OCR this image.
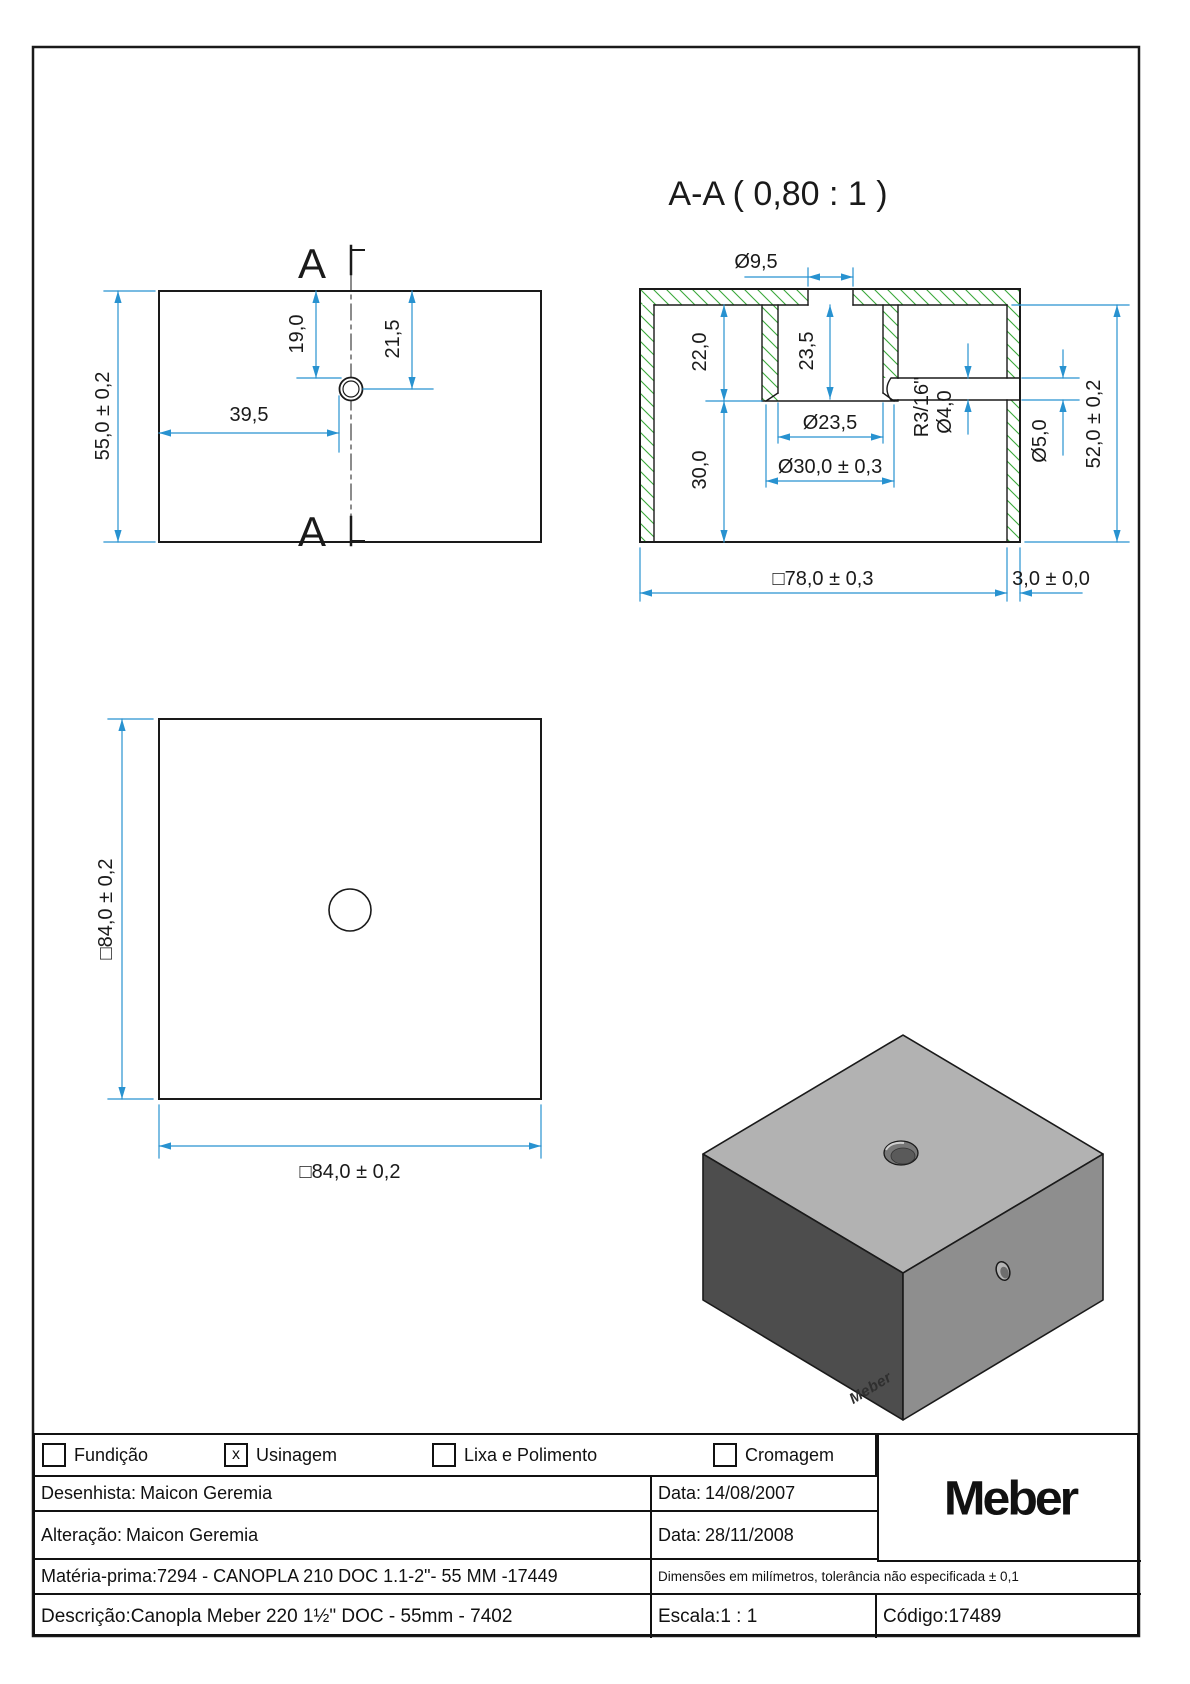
A
A
55,0 ± 0,2	39,5
19,0	21,5
A-A ( 0,80 : 1 )
Ø9,5
22,0
30,0
23,5
Ø23,5
Ø30,0 ± 0,3
R3/16" Ø4,0
Ø5,0 52,0 ± 0,2
□78,0 ± 0,3	3,0 ± 0,0
□84,0 ± 0,2
□84,0 ± 0,2
Meber
Fundição	x Usinagem	Lixa e Polimento	Cromagem
Meber
Desenhista: Maicon Geremia	Data: 14/08/2007
Alteração: Maicon Geremia	Data: 28/11/2008
Matéria-prima: 7294 - CANOPLA 210 DOC 1.1-2"- 55 MM -17449	Dimensões em milímetros, tolerância não especificada ± 0,1
Descrição: Canopla Meber 220 1½" DOC - 55mm - 7402	Escala: 1 : 1	Código: 17489
